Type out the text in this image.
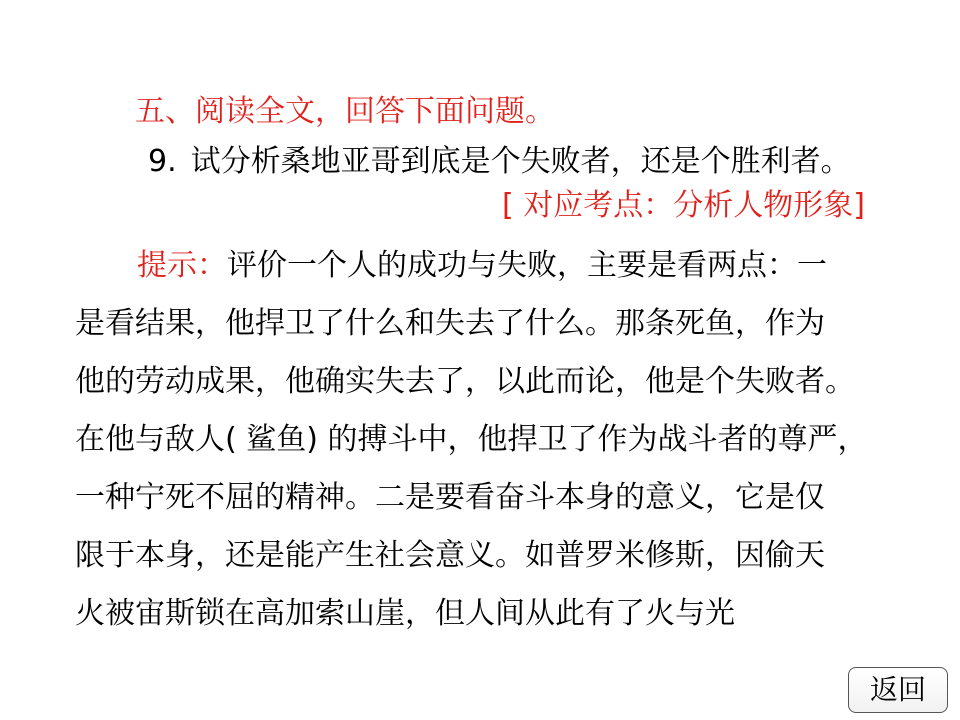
五、阅读全文，回答下面问题。
9. 试分析桑地亚哥到底是个失败者，还是个胜利者。
[ 对应考点：分析人物形象]
提示：评价一个人的成功与失败，主要是看两点：一
是看结果，他捍卫了什么和失去了什么。那条死鱼，作为
他的劳动成果，他确实失去了，以此而论，他是个失败者。
在他与敌人( 鲨鱼) 的搏斗中，他捍卫了作为战斗者的尊严，
一种宁死不屈的精神。二是要看奋斗本身的意义，它是仅
限于本身，还是能产生社会意义。如普罗米修斯，因偷天
火被宙斯锁在高加索山崖，但人间从此有了火与光
返回
